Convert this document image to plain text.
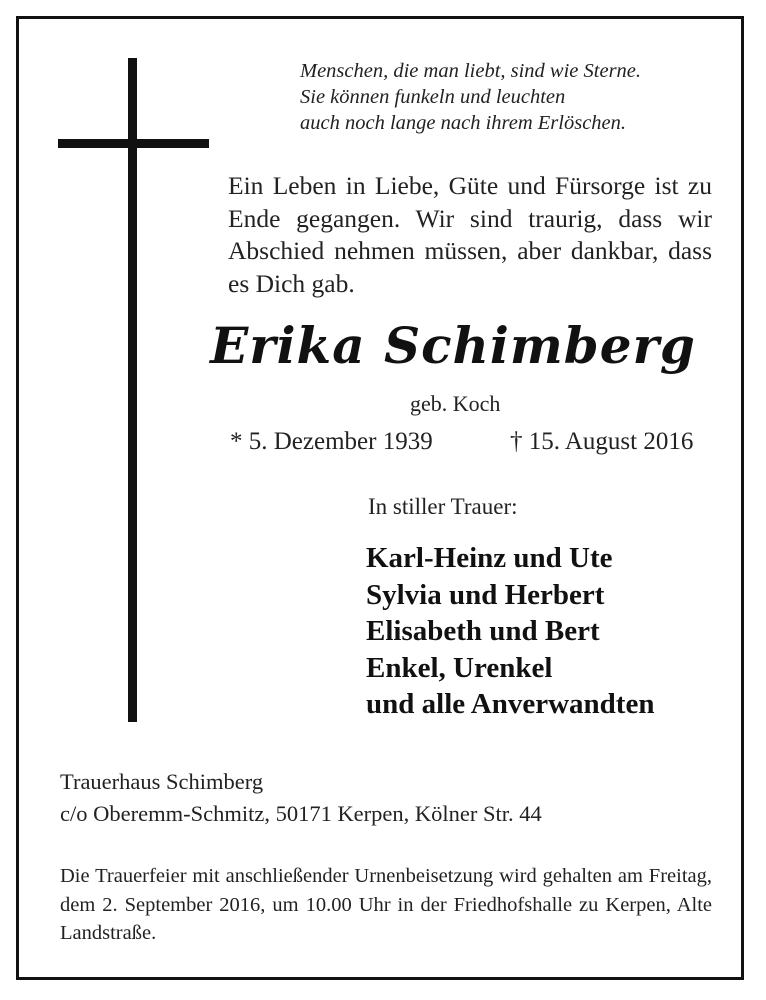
Menschen, die man liebt, sind wie Sterne.
Sie können funkeln und leuchten
auch noch lange nach ihrem Erlöschen.
Ein Leben in Liebe, Güte und Fürsorge ist zu Ende gegangen. Wir sind traurig, dass wir Abschied nehmen müssen, aber dankbar, dass es Dich gab.
Erika Schimberg
geb. Koch
* 5. Dezember 1939	† 15. August 2016
In stiller Trauer:
Karl-Heinz und Ute
Sylvia und Herbert
Elisabeth und Bert
Enkel, Urenkel
und alle Anverwandten
Trauerhaus Schimberg
c/o Oberemm-Schmitz, 50171 Kerpen, Kölner Str. 44
Die Trauerfeier mit anschließender Urnenbeisetzung wird gehalten am Freitag, dem 2. September 2016, um 10.00 Uhr in der Friedhofshalle zu Kerpen, Alte Landstraße.
